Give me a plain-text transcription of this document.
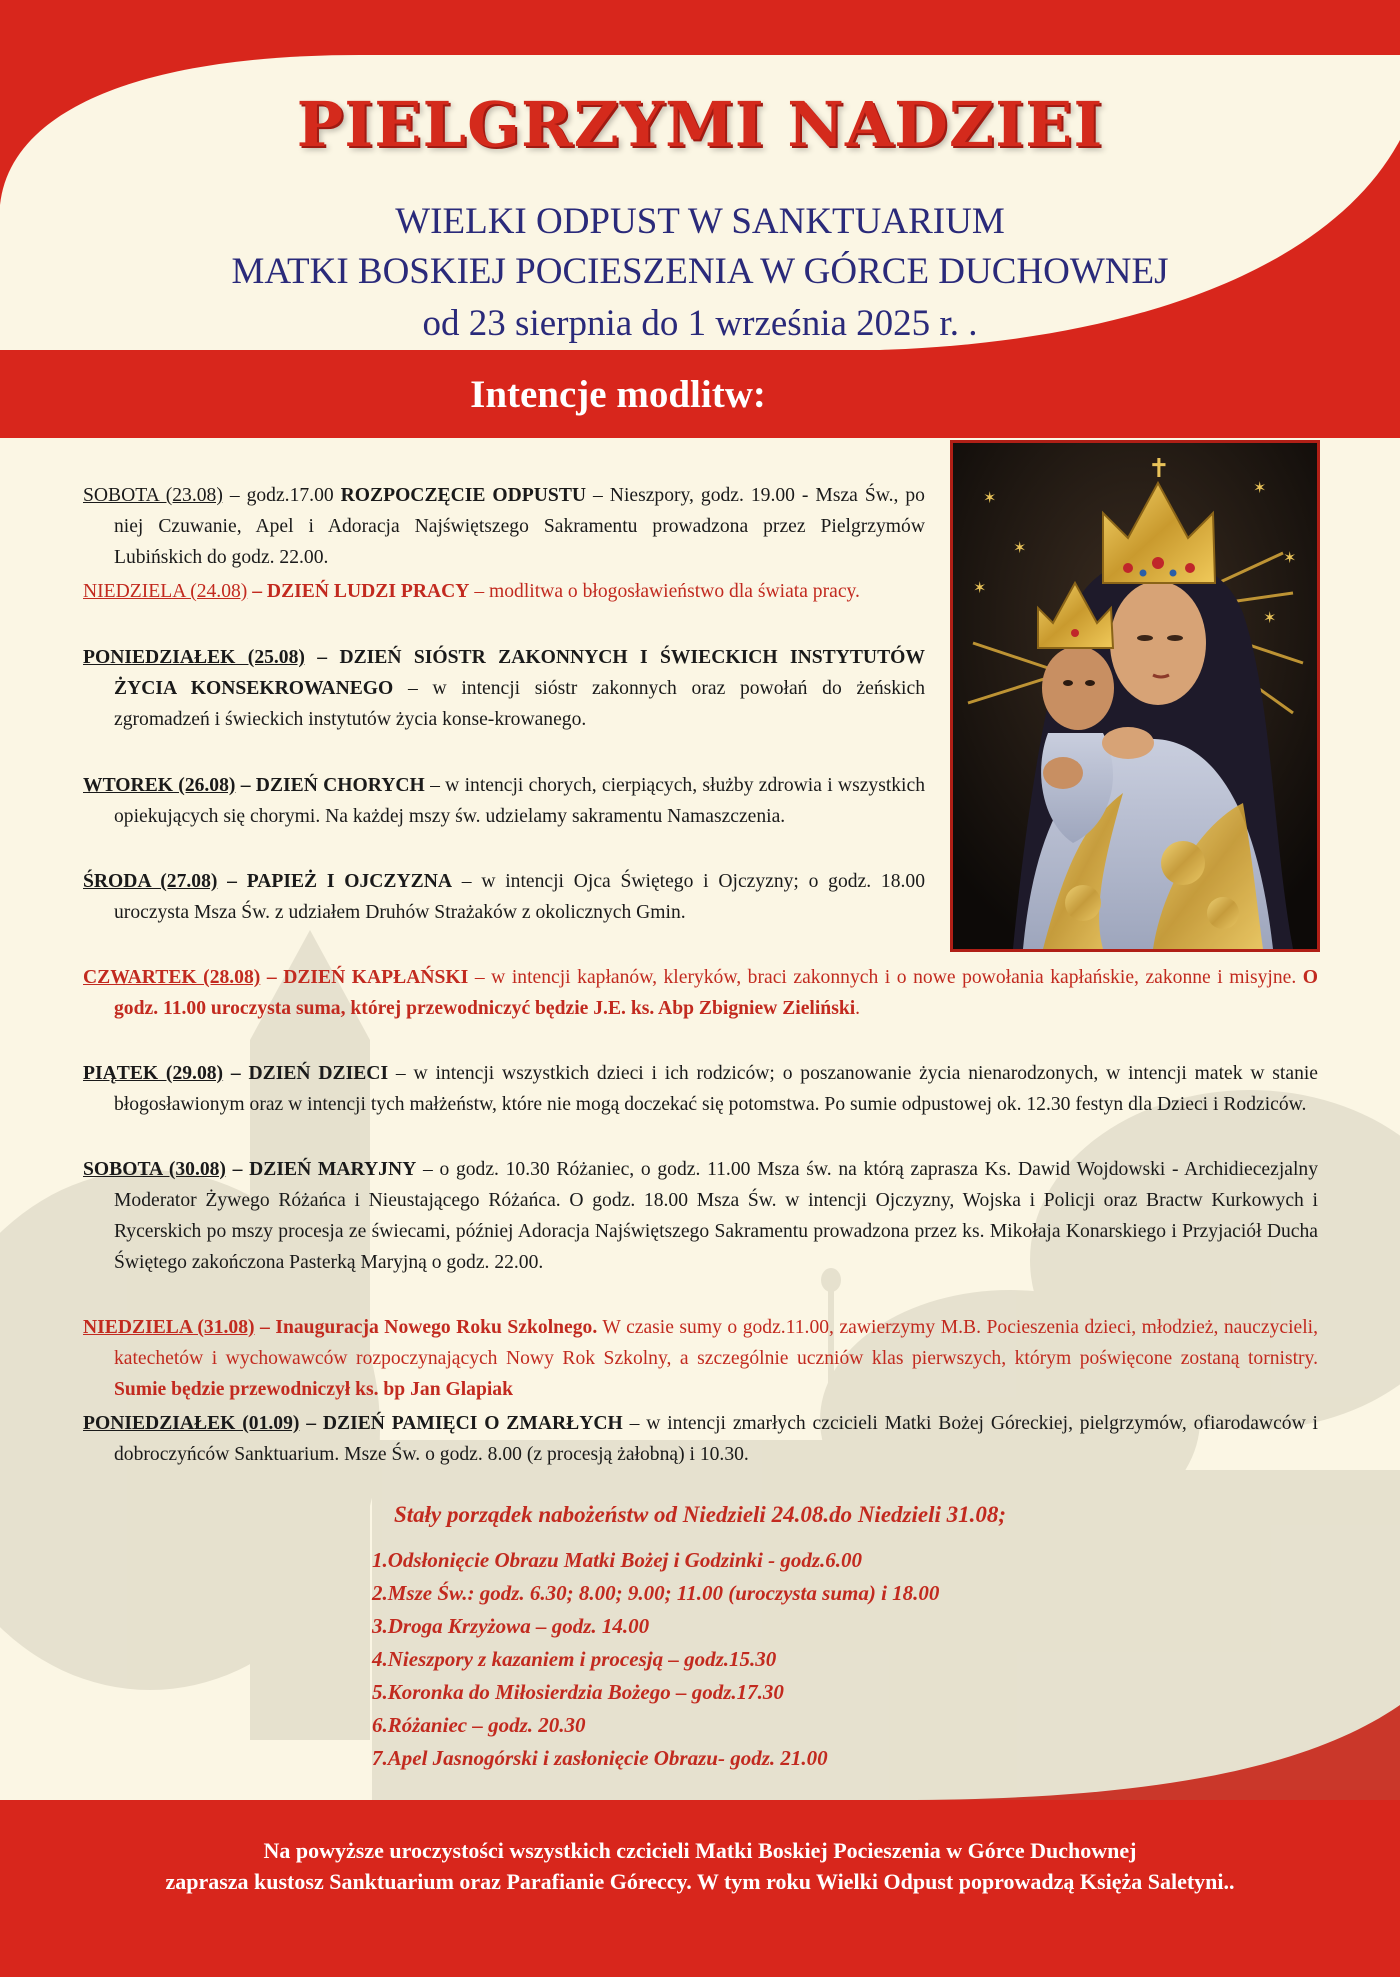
PIELGRZYMI NADZIEI
WIELKI ODPUST W SANKTUARIUM
MATKI BOSKIEJ POCIESZENIA W GÓRCE DUCHOWNEJ
od 23 sierpnia do 1 września 2025 r. .
Intencje modlitw:
✶
✶
✶
✶
✶
✶
✝
SOBOTA (23.08) – godz.17.00 ROZPOCZĘCIE ODPUSTU – Nieszpory, godz. 19.00 - Msza Św., po niej Czuwanie, Apel i Adoracja Najświętszego Sakramentu prowadzona przez Pielgrzymów Lubińskich do godz. 22.00.
NIEDZIELA (24.08) – DZIEŃ LUDZI PRACY – modlitwa o błogosławieństwo dla świata pracy.
PONIEDZIAŁEK (25.08) – DZIEŃ SIÓSTR ZAKONNYCH I ŚWIECKICH INSTYTUTÓW ŻYCIA KONSEKROWANEGO – w intencji sióstr zakonnych oraz powołań do żeńskich zgromadzeń i świeckich instytutów życia konse-krowanego.
WTOREK (26.08) – DZIEŃ CHORYCH – w intencji chorych, cierpiących, służby zdrowia i wszystkich opiekujących się chorymi. Na każdej mszy św. udzielamy sakramentu Namaszczenia.
ŚRODA (27.08) – PAPIEŻ I OJCZYZNA – w intencji Ojca Świętego i Ojczyzny; o godz. 18.00 uroczysta Msza Św. z udziałem Druhów Strażaków z okolicznych Gmin.
CZWARTEK (28.08) – DZIEŃ KAPŁAŃSKI – w intencji kapłanów, kleryków, braci zakonnych i o nowe powołania kapłańskie, zakonne i misyjne. O godz. 11.00 uroczysta suma, której przewodniczyć będzie J.E. ks. Abp Zbigniew Zieliński.
PIĄTEK (29.08) – DZIEŃ DZIECI – w intencji wszystkich dzieci i ich rodziców; o poszanowanie życia nienarodzonych, w intencji matek w stanie błogosławionym oraz w intencji tych małżeństw, które nie mogą doczekać się potomstwa. Po sumie odpustowej ok. 12.30 festyn dla Dzieci i Rodziców.
SOBOTA (30.08) – DZIEŃ MARYJNY – o godz. 10.30 Różaniec, o godz. 11.00 Msza św. na którą zaprasza Ks. Dawid Wojdowski - Archidiecezjalny Moderator Żywego Różańca i Nieustającego Różańca. O godz. 18.00 Msza Św. w intencji Ojczyzny, Wojska i Policji oraz Bractw Kurkowych i Rycerskich po mszy procesja ze świecami, później Adoracja Najświętszego Sakramentu prowadzona przez ks. Mikołaja Konarskiego i Przyjaciół Ducha Świętego zakończona Pasterką Maryjną o godz. 22.00.
NIEDZIELA (31.08) – Inauguracja Nowego Roku Szkolnego. W czasie sumy o godz.11.00, zawierzymy M.B. Pocieszenia dzieci, młodzież, nauczycieli, katechetów i wychowawców rozpoczynających Nowy Rok Szkolny, a szczególnie uczniów klas pierwszych, którym poświęcone zostaną tornistry. Sumie będzie przewodniczył ks. bp Jan Glapiak
PONIEDZIAŁEK (01.09) – DZIEŃ PAMIĘCI O ZMARŁYCH – w intencji zmarłych czcicieli Matki Bożej Góreckiej, pielgrzymów, ofiarodawców i dobroczyńców Sanktuarium. Msze Św. o godz. 8.00 (z procesją żałobną) i 10.30.
Stały porządek nabożeństw od Niedzieli 24.08.do Niedzieli 31.08;
1.Odsłonięcie Obrazu Matki Bożej i Godzinki - godz.6.00
2.Msze Św.: godz. 6.30; 8.00; 9.00; 11.00 (uroczysta suma) i 18.00
3.Droga Krzyżowa – godz. 14.00
4.Nieszpory z kazaniem i procesją – godz.15.30
5.Koronka do Miłosierdzia Bożego – godz.17.30
6.Różaniec – godz. 20.30
7.Apel Jasnogórski i zasłonięcie Obrazu- godz. 21.00
Na powyższe uroczystości wszystkich czcicieli Matki Boskiej Pocieszenia w Górce Duchownej
zaprasza kustosz Sanktuarium oraz Parafianie Góreccy. W tym roku Wielki Odpust poprowadzą Księża Saletyni..
